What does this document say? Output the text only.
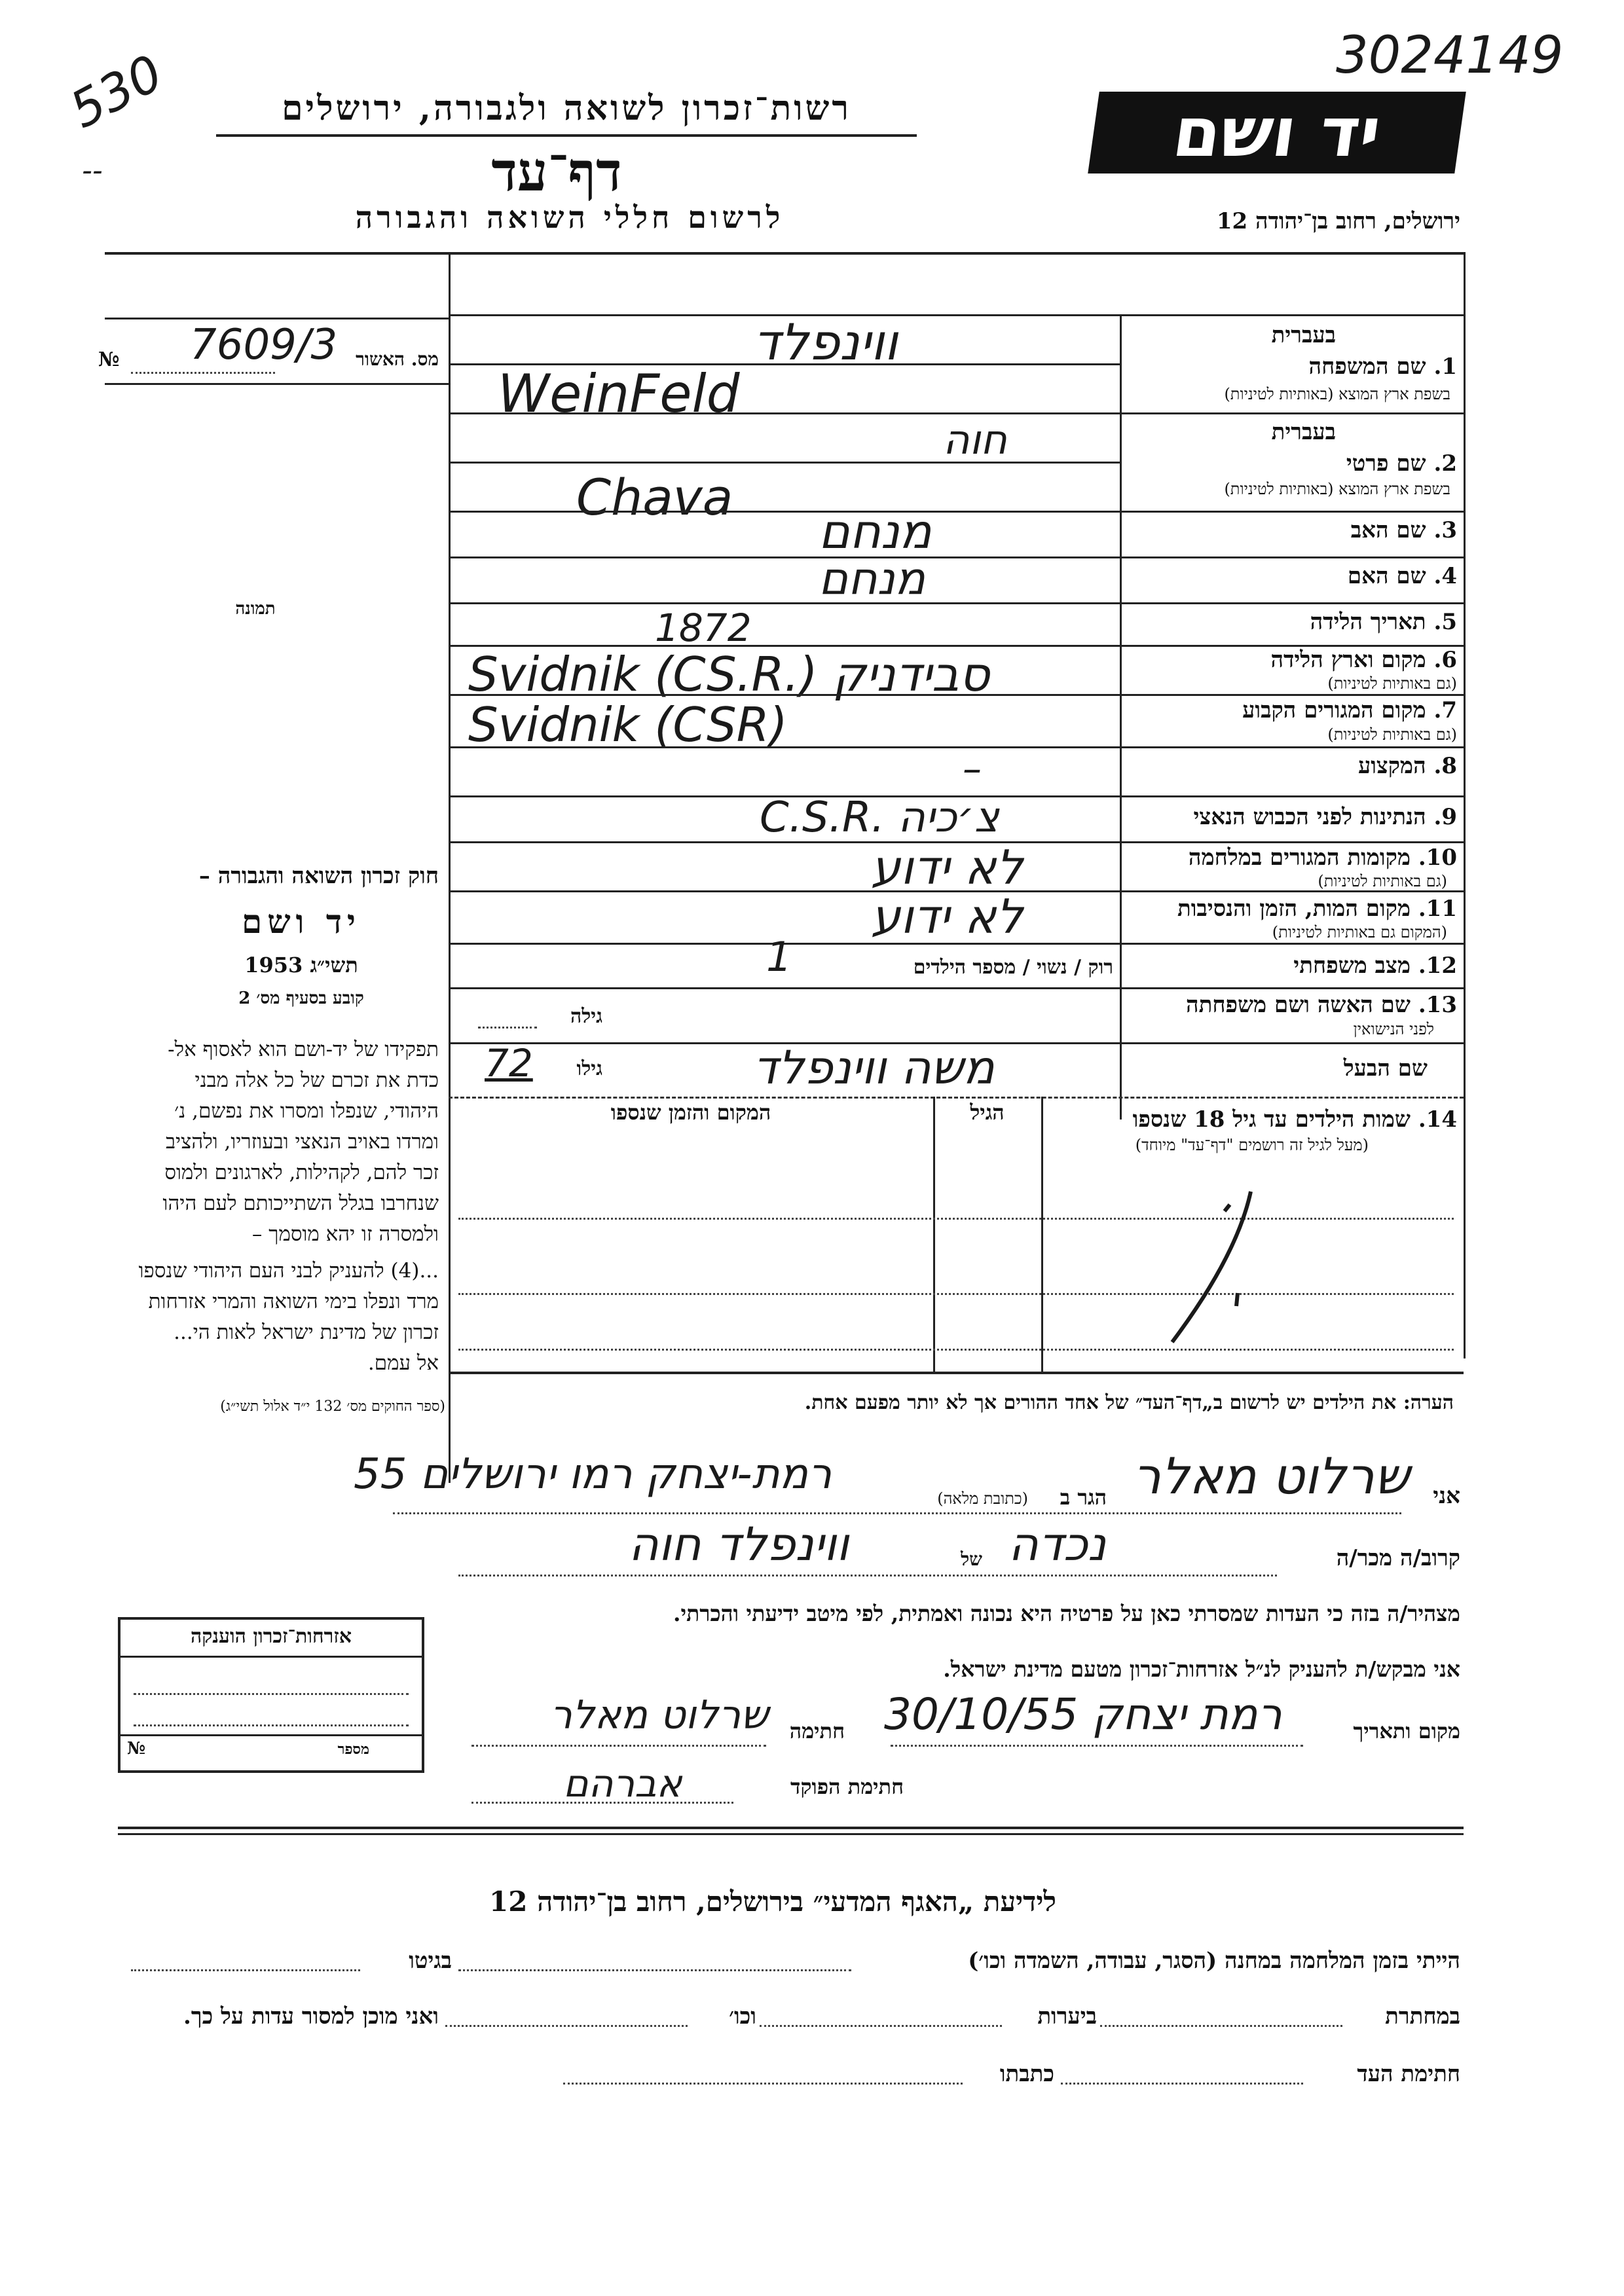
530
--
3024149
רשות־זכרון לשואה ולגבורה, ירושלים
דף־עד
לרשום חללי השואה והגבורה
יד ושם
ירושלים, רחוב בן־יהודה 12
№ 7609/3 מס. האשור
תמונה
בעברית
1. שם המשפחה
בשפת ארץ המוצא (באותיות לטיניות)
ווינפלד
WeinFeld
בעברית
2. שם פרטי
בשפת ארץ המוצא (באותיות לטיניות)
חוה
Chava
3. שם האב
מנחם
4. שם האם
מנחם
5. תאריך הלידה
1872
6. מקום וארץ הלידה
(גם באותיות לטיניות)
Svidnik (CS.R.) סבידניק
7. מקום המגורים הקבוע
(גם באותיות לטיניות)
Svidnik (CSR)
8. המקצוע
–
9. הנתינות לפני הכבוש הנאצי
C.S.R. צ׳כיה
10. מקומות המגורים במלחמה
(גם באותיות לטיניות)
לא ידוע
11. מקום המות, הזמן והנסיבות
(המקום גם באותיות לטיניות)
לא ידוע
12. מצב משפחתי
רוק / נשוי / מספר הילדים
1
13. שם האשה ושם משפחתה
לפני הנישואין
גילה
שם הבעל
משה ווינפלד
גילו
72
14. שמות הילדים עד גיל 18 שנספו
(מעל לגיל זה רושמים "דף־עד" מיוחד)
הגיל
המקום והזמן שנספו
הערה: את הילדים יש לרשום ב„דף־העד״ של אחד ההורים אך לא יותר מפעם אחת.
חוק זכרון השואה והגבורה –
יד ושם
תשי״ג 1953
קובע בסעיף מס׳ 2
תפקידו של יד-ושם הוא לאסוף אל-
כדת את זכרם של כל אלה מבני
היהודי, שנפלו ומסרו את נפשם, נ׳
ומרדו באויב הנאצי ובעוזריו, ולהציב
זכר להם, לקהילות, לארגונים ולמוס
שנחרבו בגלל השתייכותם לעם היהו
ולמסרה זו יהא מוסמך –
...(4) להעניק לבני העם היהודי שנספו
מרד ונפלו בימי השואה והמרי אזרחות
זכרון של מדינת ישראל לאות הי...
אל עמם.
(ספר החוקים מס׳ 132 י״ד אלול תשי״ג)
אני
שרלוט מאלר
הגר ב
(כתובת מלאה)
רמת-יצחק רמו ירושלים 55
קרוב/ה מכר/ה
נכדה
של
ווינפלד חוה
מצהיר/ה בזה כי העדות שמסרתי כאן על פרטיה היא נכונה ואמתית, לפי מיטב ידיעתי והכרתי.
אני מבקש/ת להעניק לנ״ל אזרחות־זכרון מטעם מדינת ישראל.
מקום ותאריך
רמת יצחק 30/10/55
חתימה
שרלוט מאלר
חתימת הפוקד
אברהם
אזרחות־זכרון הוענקה
מספר
№
לידיעת „האגף המדעי״ בירושלים, רחוב בן־יהודה 12
הייתי בזמן המלחמה במחנה (הסגר, עבודה, השמדה וכו׳)
בגיטו
במחתרת
ביערות
וכו׳
ואני מוכן למסור עדות על כך.
חתימת העד
כתבתו
